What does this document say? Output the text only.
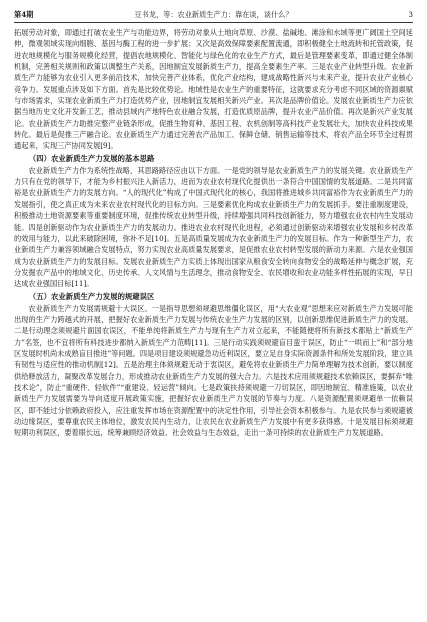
第4期	豆书龙，等：农业新质生产力：靠在谈，谈什么？	3

拓展劳动对象，即通过打破农业生产与功能边界，将劳动对象从土地向草原、沙漠、盐碱地、滩涂和水域等更广阔国土空间延伸，微观领域实现向细胞、基因与酶工程的进一步扩展；又次是高效保障要素配置流通，即积极健全土地流转和托管政策，促进农地规模化与服务规模化经营，提倡农地规模化、智能化与绿色化的农业生产方式，最后是管理要素变革，即通过健全体制机制，完善相关规则和政策以调整生产关系，因地制宜发展新质生产力，提高全要素生产率。三是农业产业转型升级。农业新质生产力能够为农业引入更多前沿技术，加快完善产业体系，优化产业结构，建成战略性新兴与未来产业，提升农业产业核心竞争力。发展重点涉及如下方面。首先是比较优势论。地域性是农业生产的重要特征，这就要求充分考虑不同区域的资源禀赋与市场需求，实现农业新质生产力打造优势产业，因地制宜发展相关新兴产业。其次是品牌价值论。发展农业新质生产力应依据当地历史文化开发新工艺，推动县域内产地特色农业融合发展，打造优质原品牌，提升农业产品价值。再次是新兴产业发展论。农业新质生产力助推完整产业链条形成，促推生物育种、基因工程、农机创制等高科技产业发展壮大，加快农业科技成果转化。最后是促推三产融合论。农业新质生产力通过完善农产品加工、保鲜仓储、销售运输等技术，将农产品全环节全过程贯通起来，实现三产协同发展[9]。

（四）农业新质生产力发展的基本思路

农业新质生产力作为系统性战略，其思路路径应由以下方面。一是党的领导是农业新质生产力的发展关键。农业新质生产力只有在党的领导下，才能为乡村振兴注入新活力，进而为农业农村现代化提供出一条符合中国国情的发展道路。二是共同富裕是农业新质生产力的发展方向。“人的现代化”构成了中国式现代化的核心，我国将推进城乡共同富裕作为农业新质生产力的发展指引，使之真正成为未来农业农村现代化的目标方向。三是要素优化构成农业新质生产力的发展抓手。要注重制度建设，积极推动土地资源要素等重要制度环境，促推传统农业转型升级，持续增强共同科技创新能力，努力增强农业农村内生发展动能。四是创新驱动作为农业新质生产力的发展动力。推进农业农村现代化进程，必须通过创新驱动来增强农业发展和乡村改革的效用与能力，以此来破除困境，弥补不足[10]。五是高质量发展成为农业新质生产力的发展目标。作为一种新型生产力，农业新质生产力兼容领域融合发展特点，努力实现农业高质量发展要求，是促推农业农村转型发展的新动力来源。六是农业强国成为农业新质生产力的发展目标。发展农业新质生产力实质上体现出国家从粮食安全转向食物安全的战略延伸与概念扩展，充分发掘农产品中的地域文化、历史传承、人文风情与生活理念，推动食物安全、农民增收和农业功能多样性拓展的实现，早日达成农业强国目标[11]。

（五）农业新质生产力发展的规避误区

农业新质生产力发展需规避十大误区。一是指导思想须规避思维僵化误区，用“大农业观”思想来应对新质生产力发展可能出现的生产力跨越式的开展，把握好农业新质生产力发展与传统农业生产力发展的区别，以创新思维促进新质生产力的发展。二是行动理念须规避片面国农误区，不能单纯将新质生产力与现有生产力对立起来，不能随便将所有新技术都贴上“新质生产力”名签，也不宜将所有科技进步都纳入新质生产力范畴[11]。三是行动实践须规避盲目蛮干误区，防止“一哄而上”和“部分地区发展时机尚未成熟盲目推进”等问题。四是项目建设须规避急功近利误区，要立足自身实际资源条件和所处发展阶段，建立具有韧性与适应性的推动机制[12]。五是治理主体须规避无动于衷误区，避免将农业新质生产力简单理解为技术创新，要以制度供给释放活力，凝聚改革发展合力，形成推动农业新质生产力发展的强大合力。六是技术应用须规避技术依赖误区，要摒弃“唯技术论”，防止“重硬件、轻软件”“重建设、轻运营”倾向。七是政策扶持须规避一刀切误区，即因地制宜、精准施策，以农业新质生产力发展需要为导向适度开展政策实施，把握好农业新质生产力发展的节奏与力度。八是资源配置须规避单一依赖误区，即不能过分依赖政府投入，应注重发挥市场在资源配置中的决定性作用，引导社会资本积极参与。九是农民参与须规避被动边缘误区，要尊重农民主体地位，激发农民内生动力，让农民在农业新质生产力发展中有更多获得感。十是发展目标须规避短期功利误区，要着眼长远，统筹兼顾经济效益、社会效益与生态效益，走出一条可持续的农业新质生产力发展道路。
